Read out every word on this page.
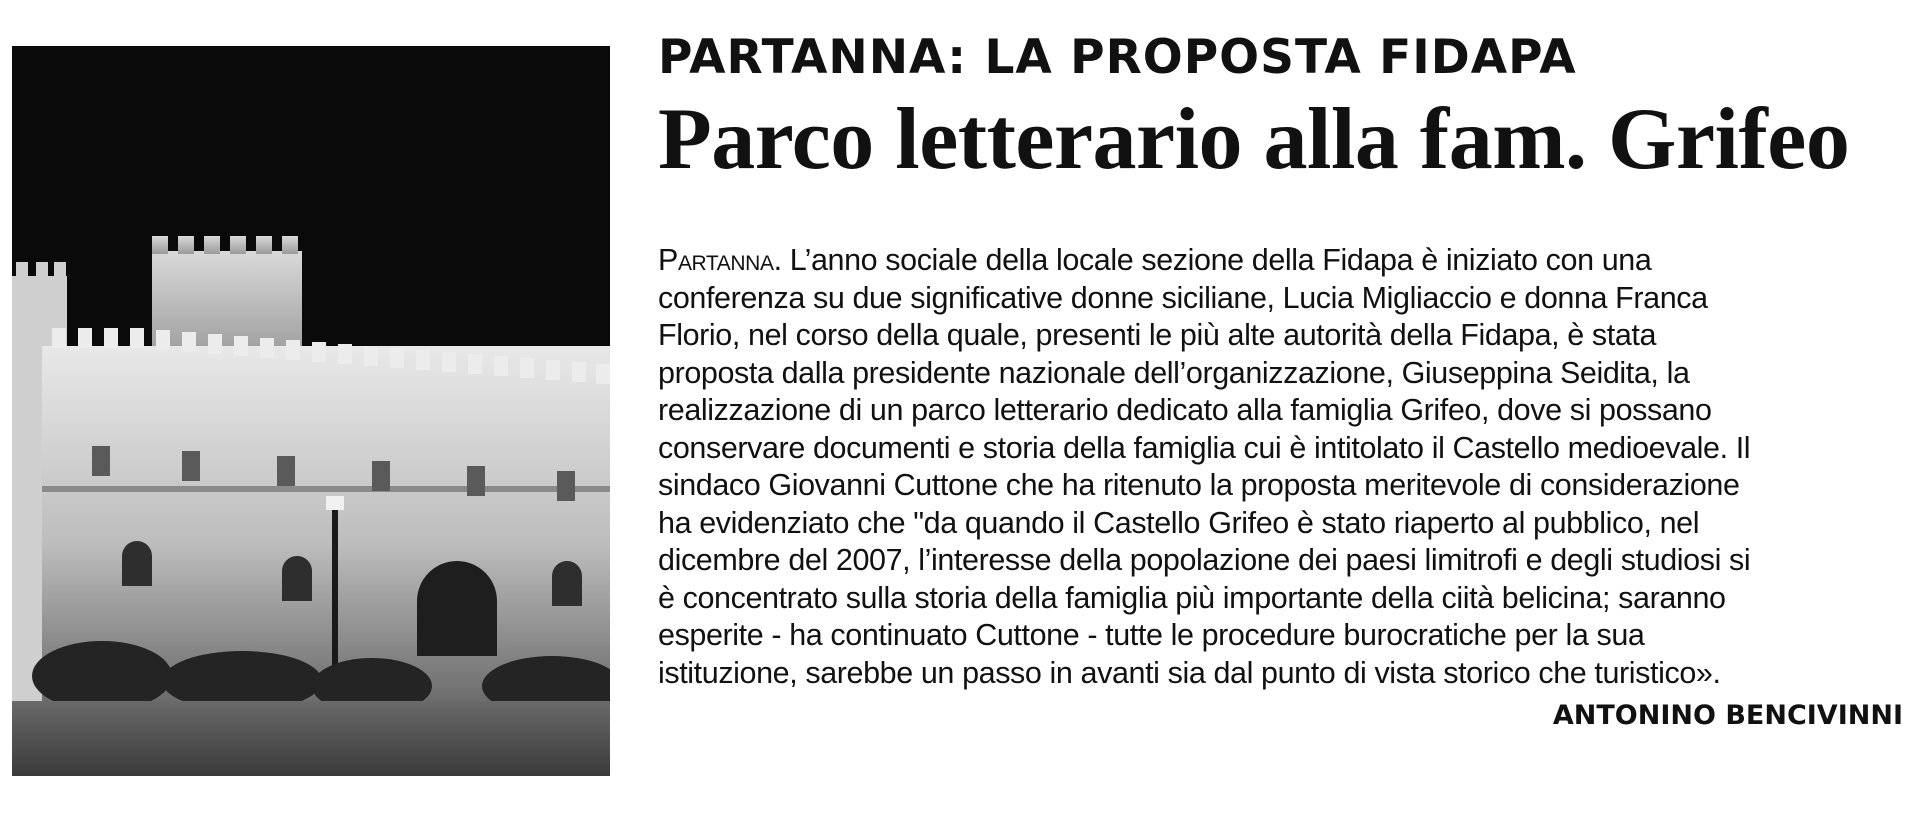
PARTANNA: LA PROPOSTA FIDAPA
Parco letterario alla fam. Grifeo
Partanna. L’anno sociale della locale sezione della Fidapa è iniziato con una
conferenza su due significative donne siciliane, Lucia Migliaccio e donna Franca
Florio, nel corso della quale, presenti le più alte autorità della Fidapa, è stata
proposta dalla presidente nazionale dell’organizzazione, Giuseppina Seidita, la
realizzazione di un parco letterario dedicato alla famiglia Grifeo, dove si possano
conservare documenti e storia della famiglia cui è intitolato il Castello medioevale. Il
sindaco Giovanni Cuttone che ha ritenuto la proposta meritevole di considerazione
ha evidenziato che "da quando il Castello Grifeo è stato riaperto al pubblico, nel
dicembre del 2007, l’interesse della popolazione dei paesi limitrofi e degli studiosi si
è concentrato sulla storia della famiglia più importante della ciità belicina; saranno
esperite - ha continuato Cuttone - tutte le procedure burocratiche per la sua
istituzione, sarebbe un passo in avanti sia dal punto di vista storico che turistico».
ANTONINO BENCIVINNI
